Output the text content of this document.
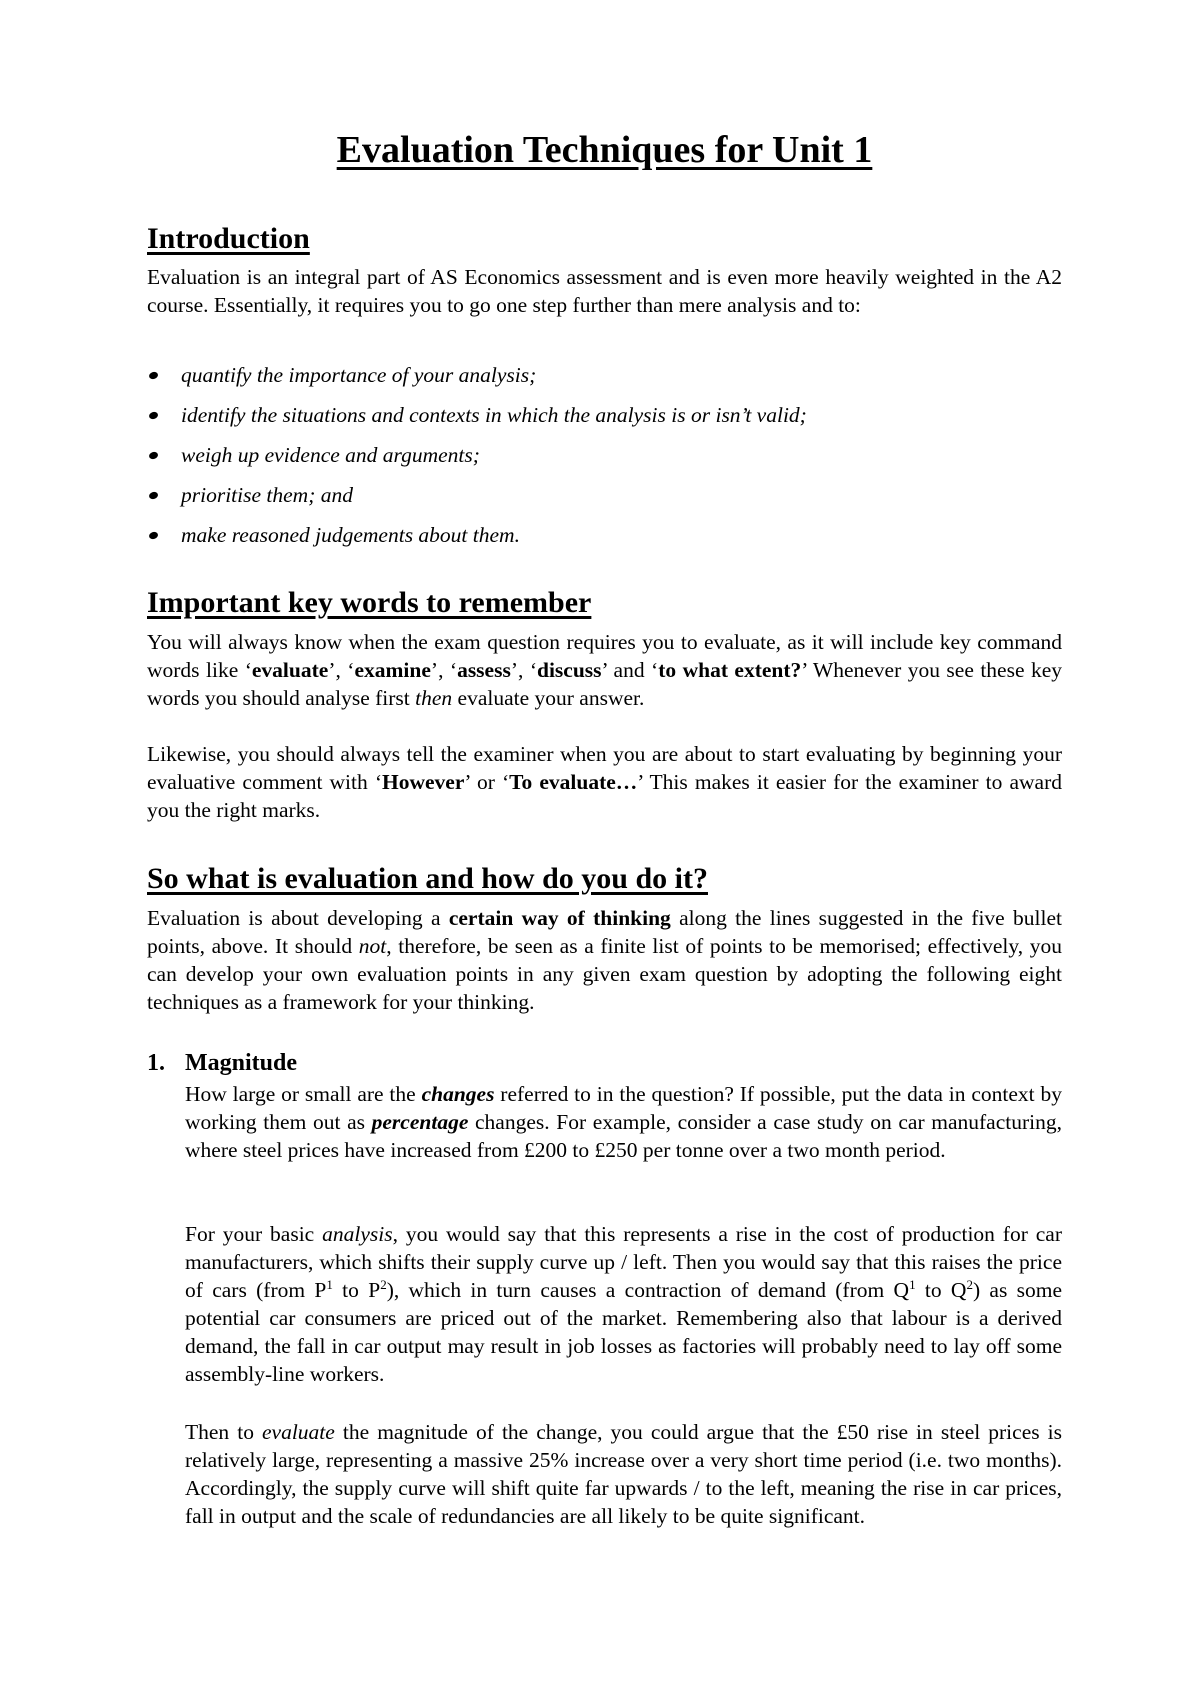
Evaluation Techniques for Unit 1
Introduction

Evaluation is an integral part of AS Economics assessment and is even more heavily weighted in the A2 course. Essentially, it requires you to go one step further than mere analysis and to:

quantify the importance of your analysis;
identify the situations and contexts in which the analysis is or isn’t valid;
weigh up evidence and arguments;
prioritise them; and
make reasoned judgements about them.
Important key words to remember

You will always know when the exam question requires you to evaluate, as it will include key command words like ‘evaluate’, ‘examine’, ‘assess’, ‘discuss’ and ‘to what extent?’ Whenever you see these key words you should analyse first then evaluate your answer.

Likewise, you should always tell the examiner when you are about to start evaluating by beginning your evaluative comment with ‘However’ or ‘To evaluate…’ This makes it easier for the examiner to award you the right marks.

So what is evaluation and how do you do it?

Evaluation is about developing a certain way of thinking along the lines suggested in the five bullet points, above. It should not, therefore, be seen as a finite list of points to be memorised; effectively, you can develop your own evaluation points in any given exam question by adopting the following eight techniques as a framework for your thinking.

1. Magnitude

How large or small are the changes referred to in the question? If possible, put the data in context by working them out as percentage changes. For example, consider a case study on car manufacturing, where steel prices have increased from £200 to £250 per tonne over a two month period.

For your basic analysis, you would say that this represents a rise in the cost of production for car manufacturers, which shifts their supply curve up / left. Then you would say that this raises the price of cars (from $P^1$ to $P^2$), which in turn causes a contraction of demand (from $Q^1$ to $Q^2$) as some potential car consumers are priced out of the market. Remembering also that labour is a derived demand, the fall in car output may result in job losses as factories will probably need to lay off some assembly-line workers.

Then to evaluate the magnitude of the change, you could argue that the £50 rise in steel prices is relatively large, representing a massive 25% increase over a very short time period (i.e. two months). Accordingly, the supply curve will shift quite far upwards / to the left, meaning the rise in car prices, fall in output and the scale of redundancies are all likely to be quite significant.
